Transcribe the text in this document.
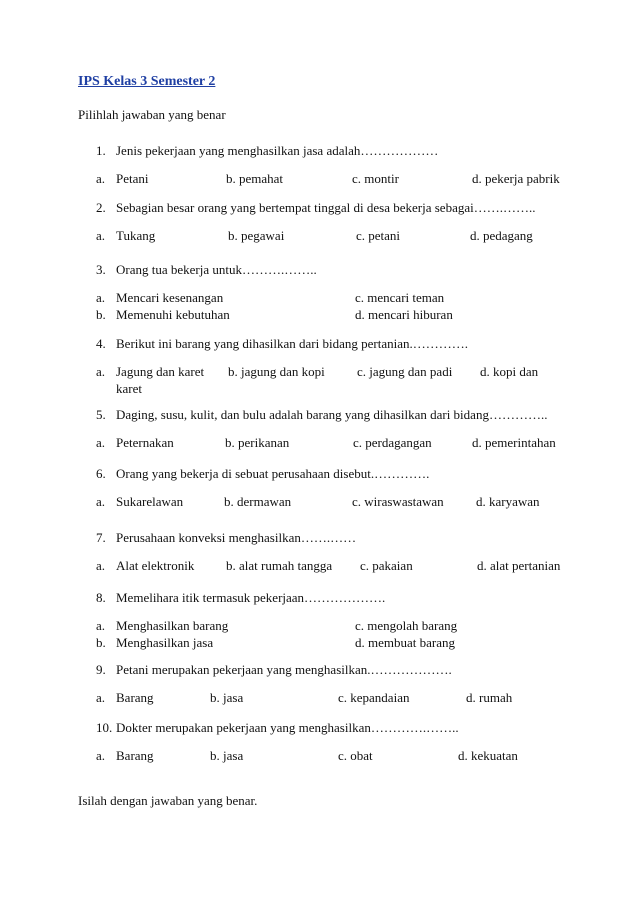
IPS Kelas 3 Semester 2
Pilihlah jawaban yang benar
1. Jenis pekerjaan yang menghasilkan jasa adalah………………
a. Petani	b. pemahat	c. montir	d. pekerja pabrik
2. Sebagian besar orang yang bertempat tinggal di desa bekerja sebagai…….……..
a. Tukang	b. pegawai	c. petani	d. pedagang
3. Orang tua bekerja untuk……….……..
a. Mencari kesenangan	c. mencari teman
b. Memenuhi kebutuhan	d. mencari hiburan
4. Berikut ini barang yang dihasilkan dari bidang pertanian.………….
a. Jagung dan karet b. jagung dan kopi c. jagung dan padi d. kopi dan
karet
5. Daging, susu, kulit, dan bulu adalah barang yang dihasilkan dari bidang…………..
a. Peternakan	b. perikanan	c. perdagangan	d. pemerintahan
6. Orang yang bekerja di sebuat perusahaan disebut.………….
a. Sukarelawan	b. dermawan	c. wiraswastawan d. karyawan
7. Perusahaan konveksi menghasilkan…….……
a. Alat elektronik b. alat rumah tangga c. pakaian	d. alat pertanian
8. Memelihara itik termasuk pekerjaan……………….
a. Menghasilkan barang	c. mengolah barang
b. Menghasilkan jasa	d. membuat barang
9. Petani merupakan pekerjaan yang menghasilkan.……………….
a. Barang	b. jasa	c. kepandaian	d. rumah
10. Dokter merupakan pekerjaan yang menghasilkan………….……..
a. Barang	b. jasa	c. obat	d. kekuatan
Isilah dengan jawaban yang benar.
